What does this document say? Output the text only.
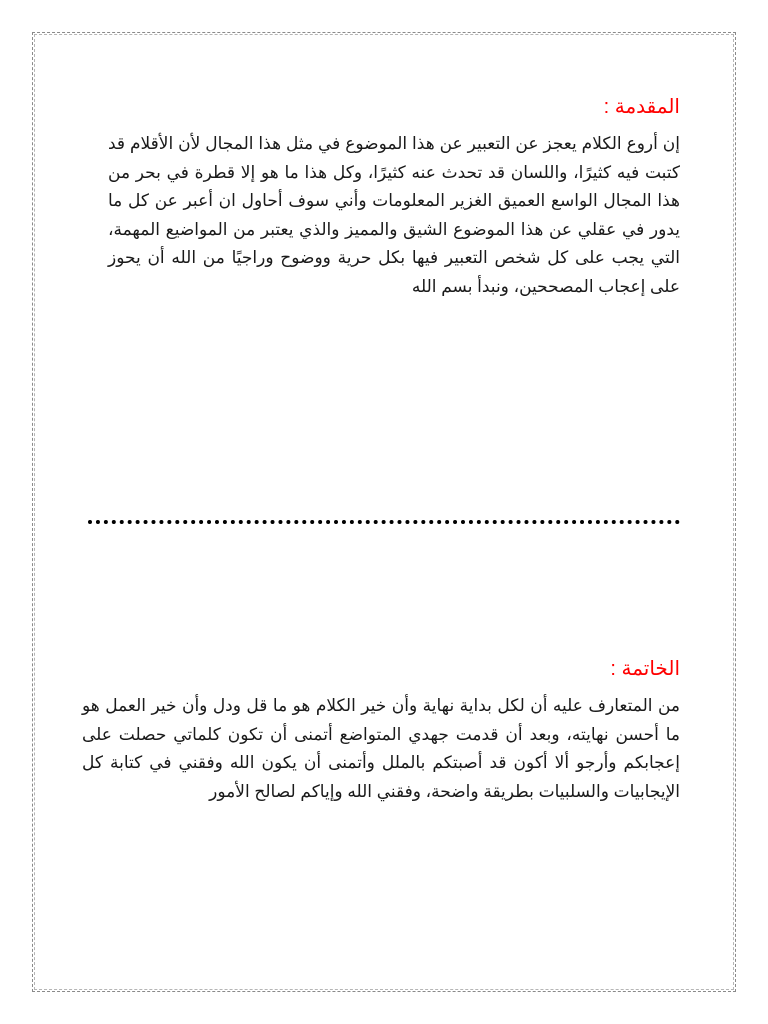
المقدمة :

إن أروع الكلام يعجز عن التعبير عن هذا الموضوع في مثل هذا المجال لأن الأقلام قد كتبت فيه كثيرًا، واللسان قد تحدث عنه كثيرًا، وكل هذا ما هو إلا قطرة في بحر من هذا المجال الواسع العميق الغزير المعلومات وأني سوف أحاول ان أعبر عن كل ما يدور في عقلي عن هذا الموضوع الشيق والمميز والذي يعتبر من المواضيع المهمة، التي يجب على كل شخص التعبير فيها بكل حرية ووضوح وراجيًا من الله أن يحوز على إعجاب المصححين، ونبدأ بسم الله

الخاتمة :

من المتعارف عليه أن لكل بداية نهاية وأن خير الكلام هو ما قل ودل وأن خير العمل هو ما أحسن نهايته، وبعد أن قدمت جهدي المتواضع أتمنى أن تكون كلماتي حصلت على إعجابكم وأرجو ألا أكون قد أصبتكم بالملل وأتمنى أن يكون الله وفقني في كتابة كل الإيجابيات والسلبيات بطريقة واضحة، وفقني الله وإياكم لصالح الأمور
